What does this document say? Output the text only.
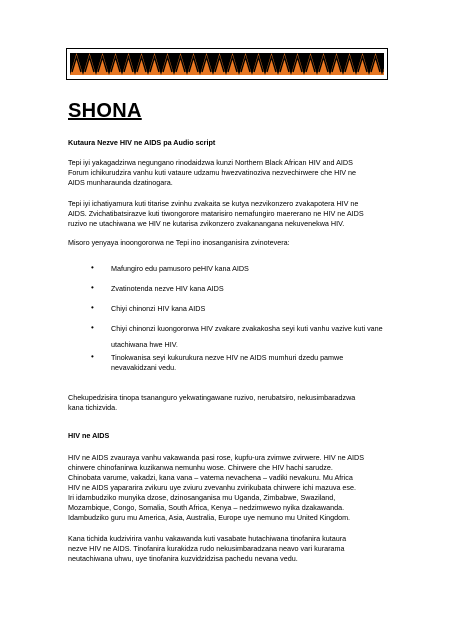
SHONA
Kutaura Nezve HIV ne AIDS pa Audio script
Tepi iyi yakagadzirwa negungano rinodaidzwa kunzi Northern Black African HIV and AIDS
Forum ichikurudzira vanhu kuti vataure udzamu hwezvatinoziva nezvechirwere che HIV ne
AIDS munharaunda dzatinogara.
Tepi iyi ichatiyamura kuti titarise zvinhu zvakaita se kutya nezvikonzero zvakapotera HIV ne
AIDS. Zvichatibatsirazve kuti tiwongorore matarisiro nemafungiro maererano ne HIV ne AIDS
ruzivo ne utachiwana we HIV ne kutarisa zvikonzero zvakanangana nekuvenekwa HIV.
Misoro yenyaya inoongororwa ne Tepi ino inosanganisira zvinotevera:
• Mafungiro edu pamusoro peHIV kana AIDS
• Zvatinotenda nezve HIV kana AIDS
• Chiyi chinonzi HIV kana AIDS
• Chiyi chinonzi kuongororwa HIV zvakare zvakakosha seyi kuti vanhu vazive kuti vane
utachiwana hwe HIV.
• Tinokwanisa seyi kukurukura nezve HIV ne AIDS mumhuri dzedu pamwe
nevavakidzani vedu.
Chekupedzisira tinopa tsananguro yekwatingawane ruzivo, nerubatsiro, nekusimbaradzwa
kana tichizvida.
HIV ne AIDS
HIV ne AIDS zvauraya vanhu vakawanda pasi rose, kupfu-ura zvimwe zvirwere. HIV ne AIDS
chirwere chinofanirwa kuzikanwa nemunhu wose. Chirwere che HIV hachi sarudze.
Chinobata varume, vakadzi, kana vana – vatema nevachena – vadiki nevakuru. Mu Africa
HIV ne AIDS yapararira zvikuru uye zviuru zvevanhu zvirikubata chirwere ichi mazuva ese.
Iri idambudziko munyika dzose, dzinosanganisa mu Uganda, Zimbabwe, Swaziland,
Mozambique, Congo, Somalia, South Africa, Kenya – nedzimwewo nyika dzakawanda.
Idambudziko guru mu America, Asia, Australia, Europe uye nemuno mu United Kingdom.
Kana tichida kudzivirira vanhu vakawanda kuti vasabate hutachiwana tinofanira kutaura
nezve HIV ne AIDS. Tinofanira kurakidza rudo nekusimbaradzana neavo vari kurarama
neutachiwana uhwu, uye tinofanira kuzvidzidzisa pachedu nevana vedu.
